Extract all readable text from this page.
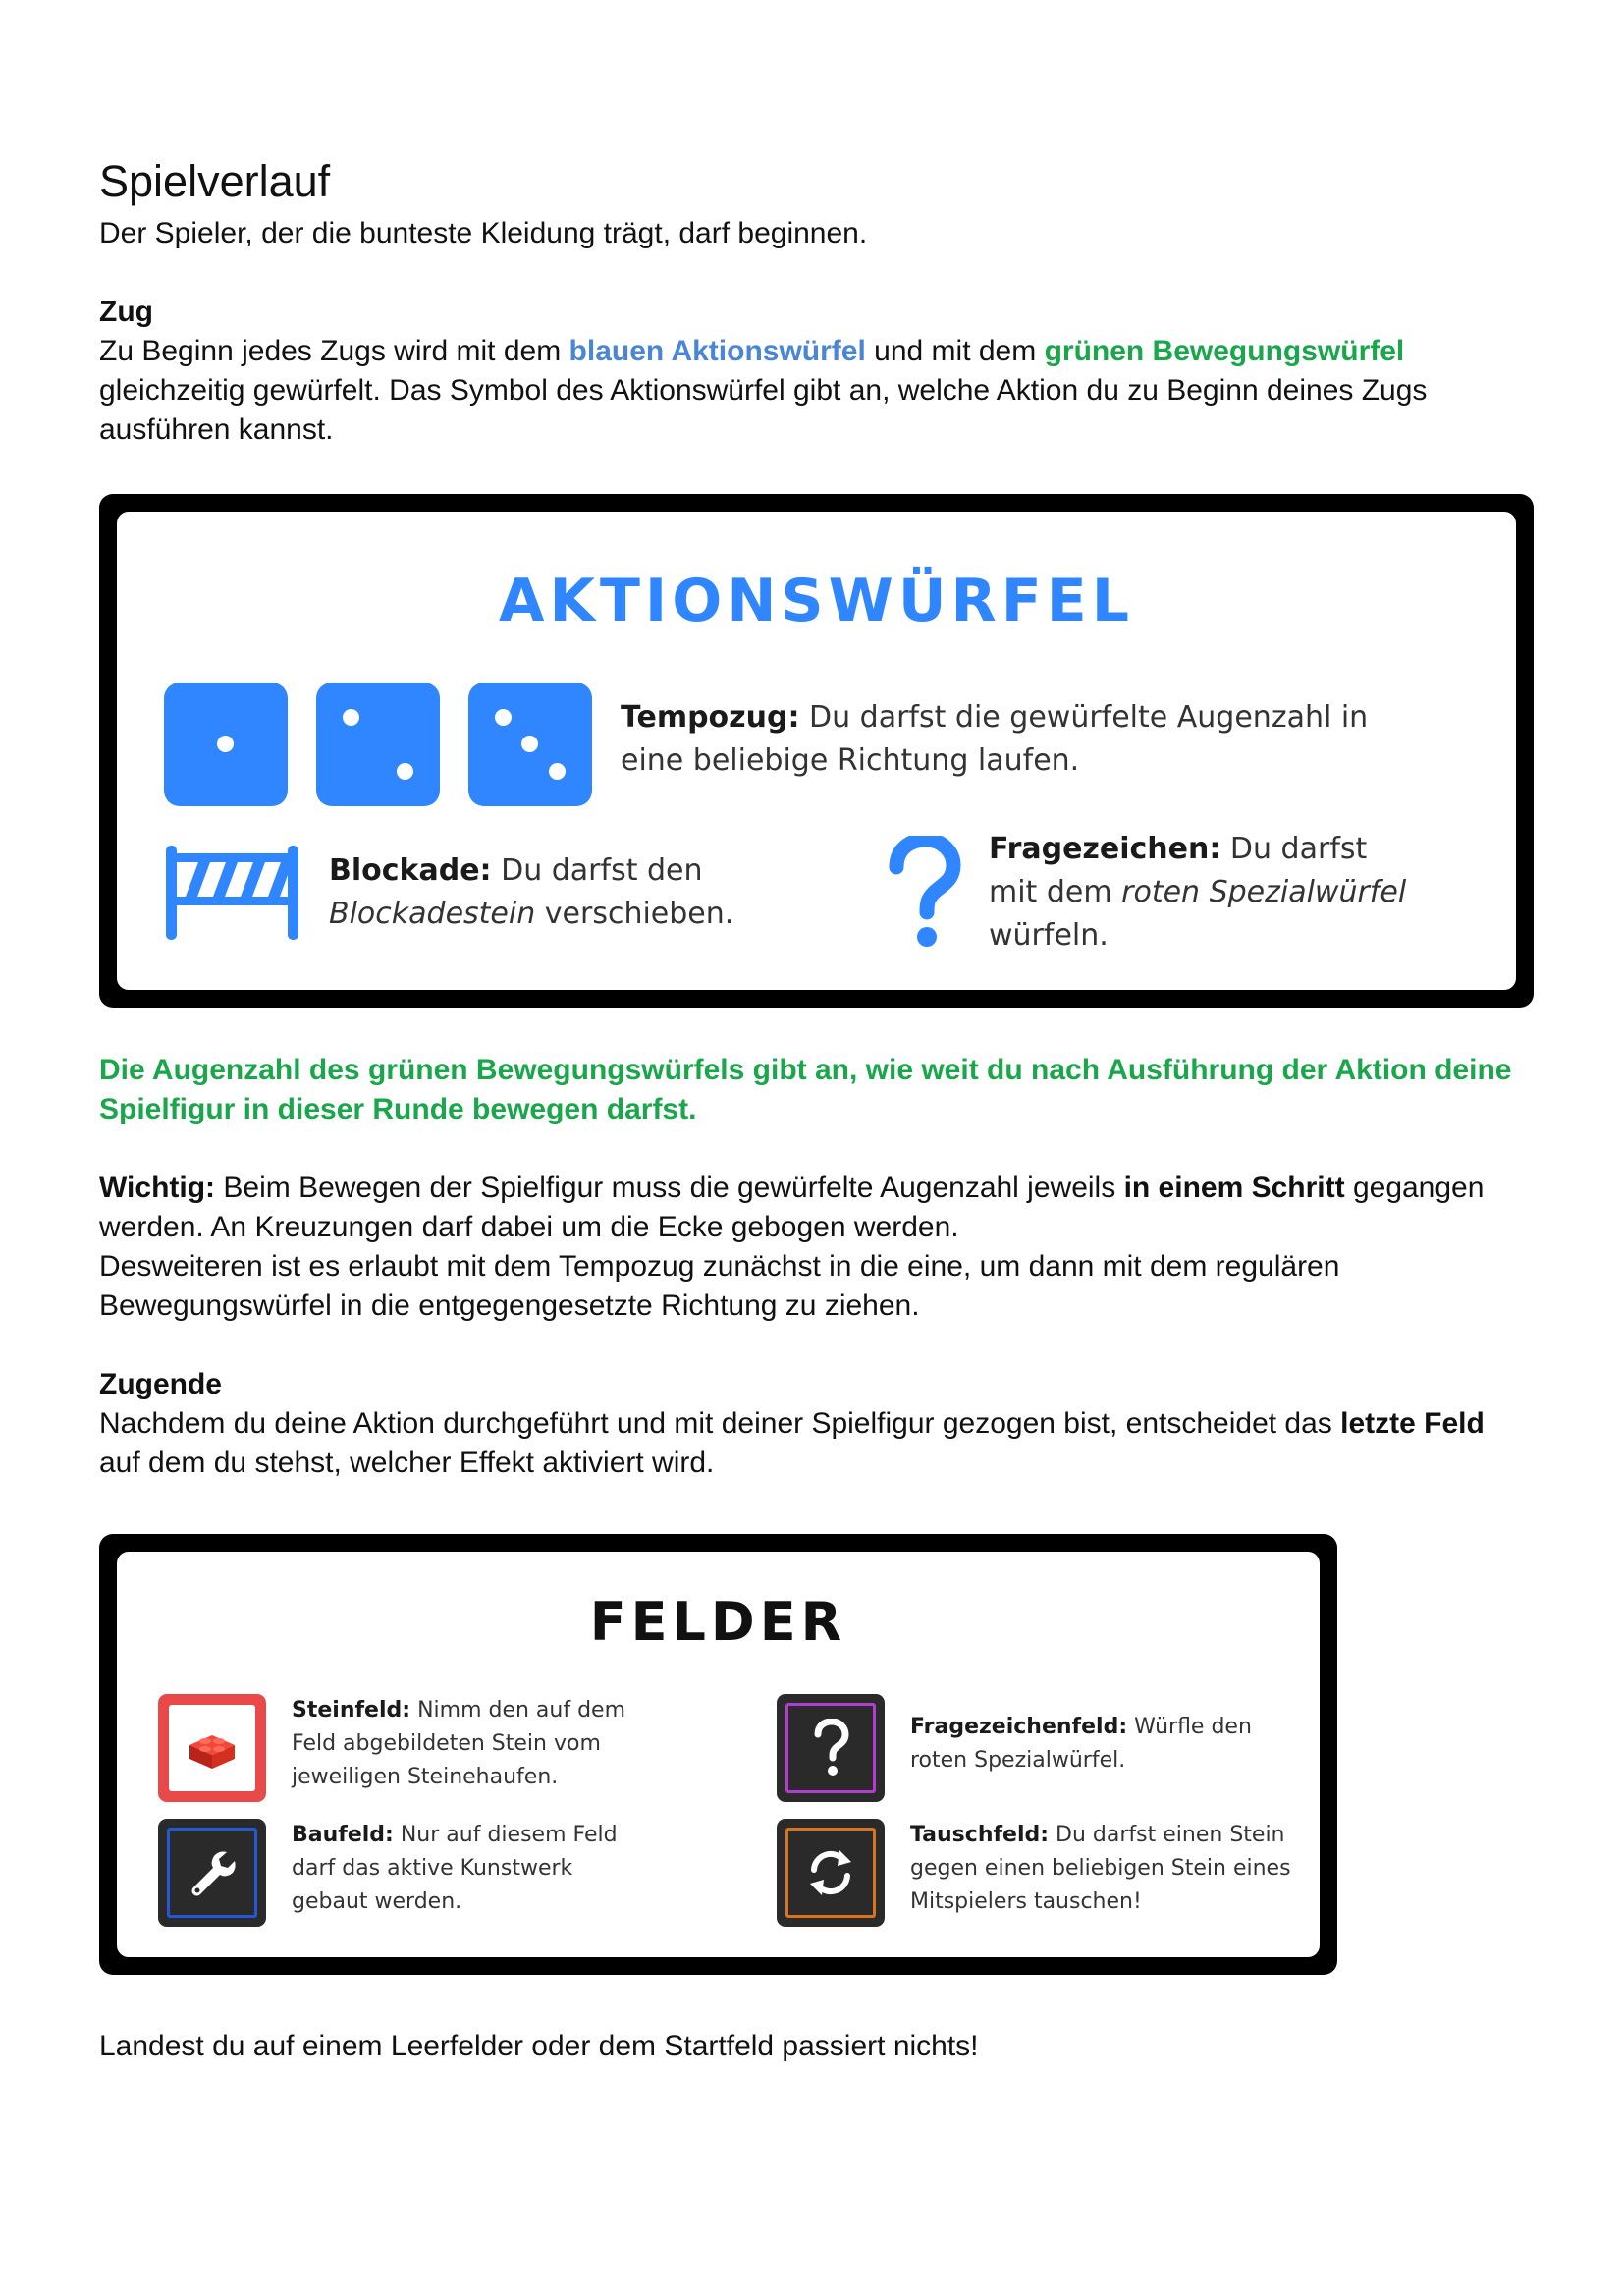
Spielverlauf

Der Spieler, der die bunteste Kleidung trägt, darf beginnen.

Zug

Zu Beginn jedes Zugs wird mit dem blauen Aktionswürfel und mit dem grünen Bewegungswürfel gleichzeitig gewürfelt. Das Symbol des Aktionswürfel gibt an, welche Aktion du zu Beginn deines Zugs ausführen kannst.

AKTIONSWÜRFEL
Tempozug: Du darfst die gewürfelte Augenzahl in eine beliebige Richtung laufen.
Blockade: Du darfst den Blockadestein verschieben.
Fragezeichen: Du darfst mit dem roten Spezialwürfel würfeln.

Die Augenzahl des grünen Bewegungswürfels gibt an, wie weit du nach Ausführung der Aktion deine Spielfigur in dieser Runde bewegen darfst.

Wichtig: Beim Bewegen der Spielfigur muss die gewürfelte Augenzahl jeweils in einem Schritt gegangen werden. An Kreuzungen darf dabei um die Ecke gebogen werden.

Desweiteren ist es erlaubt mit dem Tempozug zunächst in die eine, um dann mit dem regulären Bewegungswürfel in die entgegengesetzte Richtung zu ziehen.

Zugende

Nachdem du deine Aktion durchgeführt und mit deiner Spielfigur gezogen bist, entscheidet das letzte Feld auf dem du stehst, welcher Effekt aktiviert wird.

FELDER
Steinfeld: Nimm den auf dem Feld abgebildeten Stein vom jeweiligen Steinehaufen.
Baufeld: Nur auf diesem Feld darf das aktive Kunstwerk gebaut werden.
Fragezeichenfeld: Würfle den roten Spezialwürfel.
Tauschfeld: Du darfst einen Stein gegen einen beliebigen Stein eines Mitspielers tauschen!

Landest du auf einem Leerfelder oder dem Startfeld passiert nichts!
